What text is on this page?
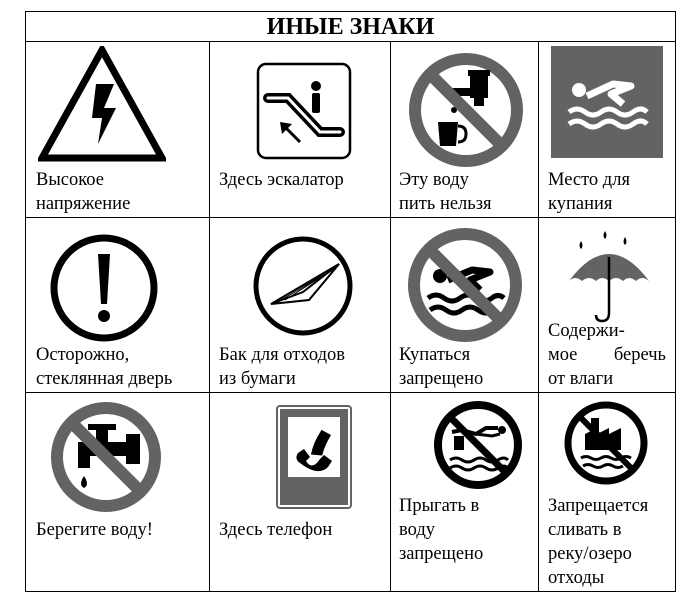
ИНЫЕ ЗНАКИ
Высокое
напряжение
Здесь эскалатор	Эту воду
пить нельзя
Место для
купания
Осторожно,
стеклянная дверь
Бак для отходов
из бумаги
Купаться
запрещено
Содержи-
мое беречь
от влаги
Берегите воду!	Здесь телефон
Прыгать в
воду
запрещено
Запрещается
сливать в
реку/озеро
отходы
